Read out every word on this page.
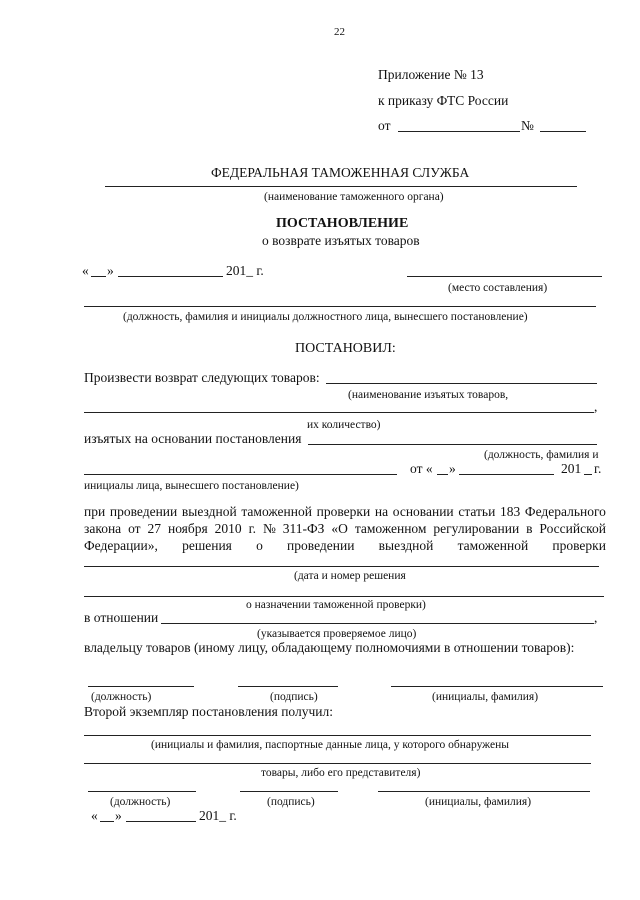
22
Приложение № 13
к приказу ФТС России
от	№
ФЕДЕРАЛЬНАЯ ТАМОЖЕННАЯ СЛУЖБА
(наименование таможенного органа)
ПОСТАНОВЛЕНИЕ
о возврате изъятых товаров
« »	201_ г.
(место составления)
(должность, фамилия и инициалы должностного лица, вынесшего постановление)
ПОСТАНОВИЛ:
Произвести возврат следующих товаров:
(наименование изъятых товаров,
,
их количество)
изъятых на основании постановления
(должность, фамилия и
от « »	201 г.
инициалы лица, вынесшего постановление)
при проведении выездной таможенной проверки на основании статьи 183 Федерального
закона от 27 ноября 2010 г. № 311-ФЗ «О таможенном регулировании в Российской
Федерации», решения о проведении выездной таможенной проверки
(дата и номер решения
о назначении таможенной проверки)
в отношении	,
(указывается проверяемое лицо)
владельцу товаров (иному лицу, обладающему полномочиями в отношении товаров):
(должность)	(подпись)	(инициалы, фамилия)
Второй экземпляр постановления получил:
(инициалы и фамилия, паспортные данные лица, у которого обнаружены
товары, либо его представителя)
(должность)	(подпись)	(инициалы, фамилия)
« »	201_ г.
